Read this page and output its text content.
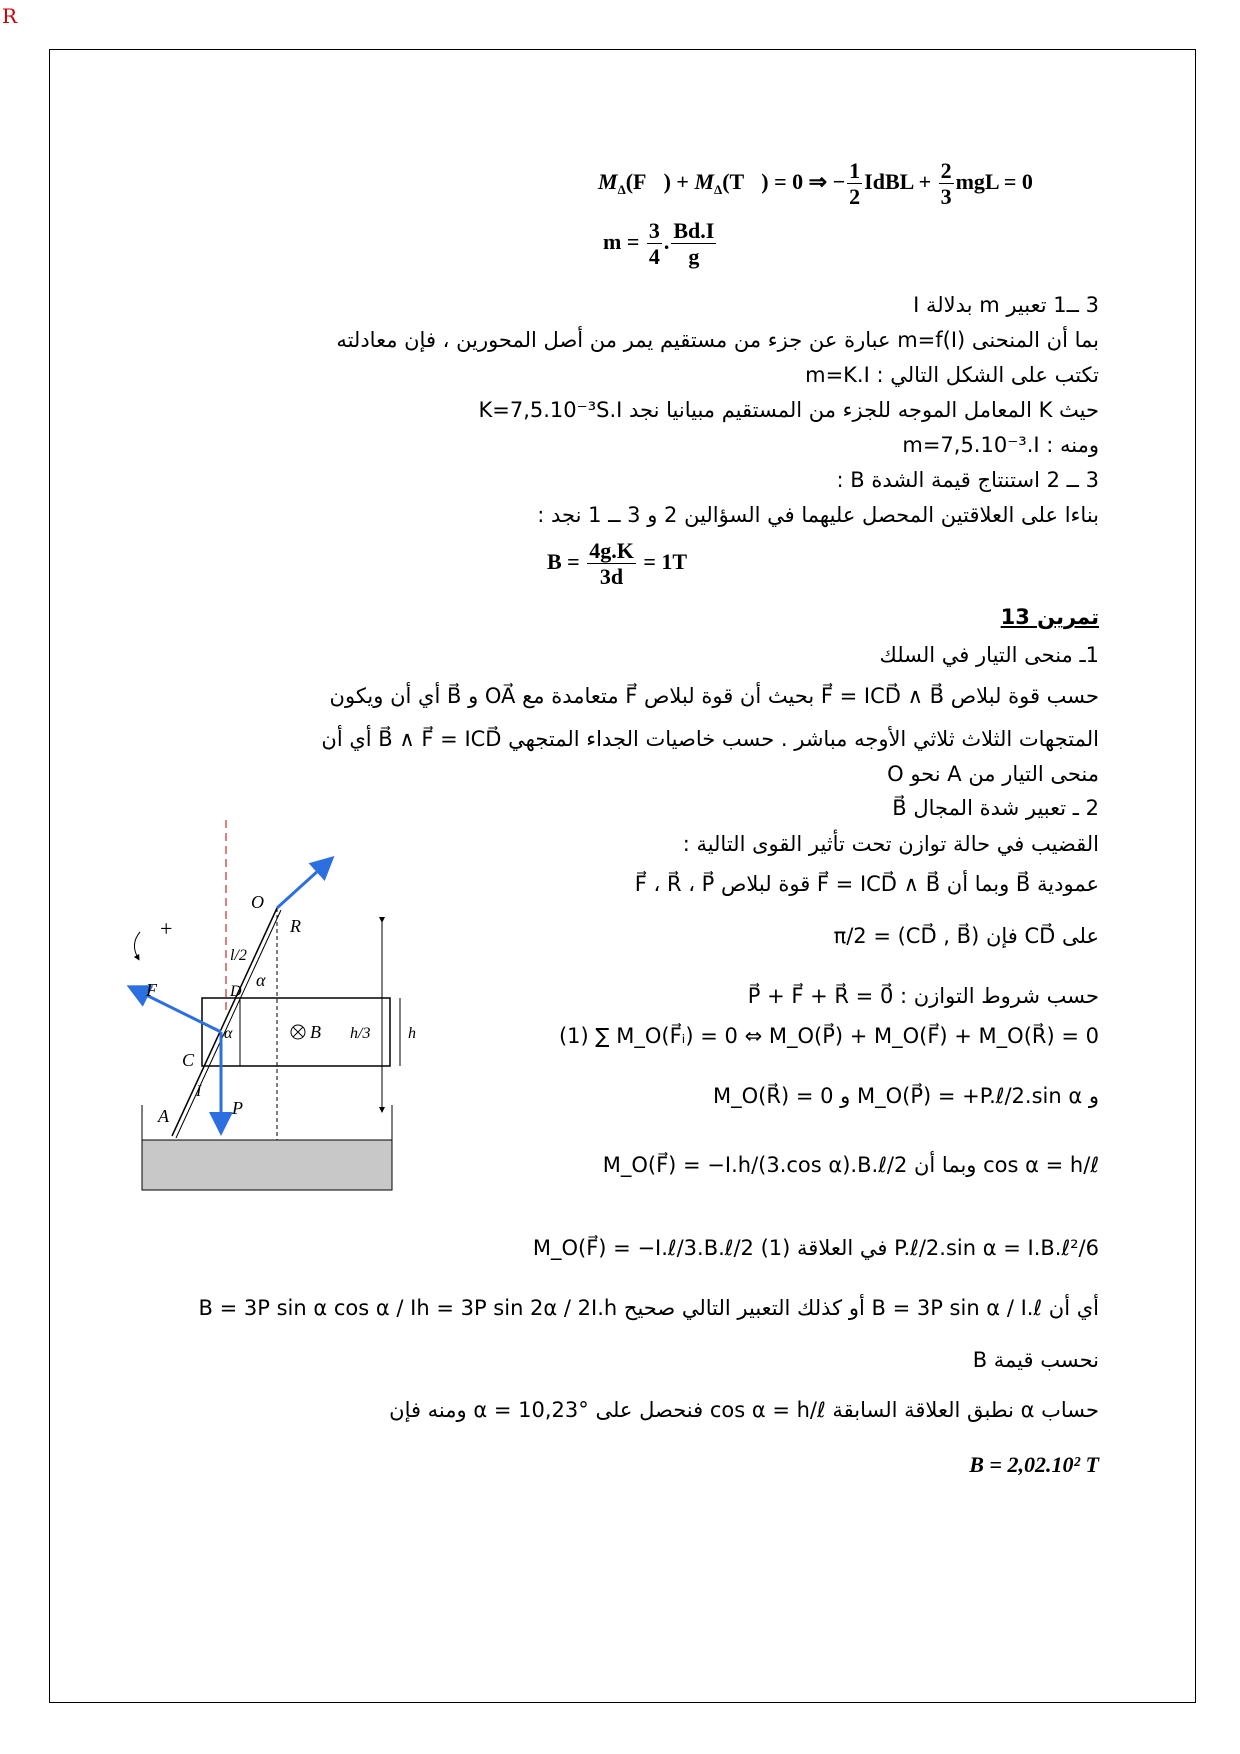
R
$M_\Delta(F⃗)$ + $M_\Delta(T⃗) = 0$ ⇒ − $\frac{1}{2}$ IdBL + $\frac{2}{3}$ mgL = 0
$m = \frac{3}{4}$ . $\frac{Bd.I}{g}$
3 ــ1 تعبير m بدلالة I
بما أن المنحنى m=f(I) عبارة عن جزء من مستقيم يمر من أصل المحورين ، فإن معادلته
تكتب على الشكل التالي : m=K.I
حيث K المعامل الموجه للجزء من المستقيم مبيانيا نجد K=7,5.10⁻³S.I
ومنه : m=7,5.10⁻³.I
3 ــ 2 استنتاج قيمة الشدة B :
بناءا على العلاقتين المحصل عليهما في السؤالين 2 و 3 ــ 1 نجد :
$B = \frac{4g.K}{3d} = 1T$
تمرين 13
1ـ منحى التيار في السلك
حسب قوة لبلاص F⃗ = ICD⃗ ∧ B⃗ بحيث أن قوة لبلاص F⃗ متعامدة مع OA⃗ و B⃗ أي أن ويكون
المتجهات الثلاث ثلاثي الأوجه مباشر . حسب خاصيات الجداء المتجهي B⃗ ∧ F⃗ = ICD⃗ أي أن
منحى التيار من A نحو O
2 ـ تعبير شدة المجال B⃗
القضيب في حالة توازن تحت تأثير القوى التالية :
F⃗ ، R⃗ ، P⃗ قوة لبلاص F⃗ = ICD⃗ ∧ B⃗ وبما أن B⃗ عمودية
على CD⃗ فإن (CD⃗ , B⃗) = π/2
حسب شروط التوازن : P⃗ + F⃗ + R⃗ = 0⃗
(1) ∑ M_O(F⃗ᵢ) = 0 ⇔ M_O(P⃗) + M_O(F⃗) + M_O(R⃗) = 0
M_O(R⃗) = 0 و M_O(P⃗) = +P.ℓ/2.sin α و
M_O(F⃗) = −I.h/(3.cos α).B.ℓ/2 وبما أن cos α = h/ℓ
M_O(F⃗) = −I.ℓ/3.B.ℓ/2 في العلاقة (1) P.ℓ/2.sin α = I.B.ℓ²/6
أي أن B = 3P sin α / I.ℓ أو كذلك التعبير التالي صحيح B = 3P sin α cos α / Ih = 3P sin 2α / 2I.h
نحسب قيمة B
حساب α نطبق العلاقة السابقة cos α = h/ℓ فنحصل على α = 10,23° ومنه فإن
B = 2,02.10² T
O
R
l/2
α
D
F
B h/3 h
C
I
P
A
+
α
